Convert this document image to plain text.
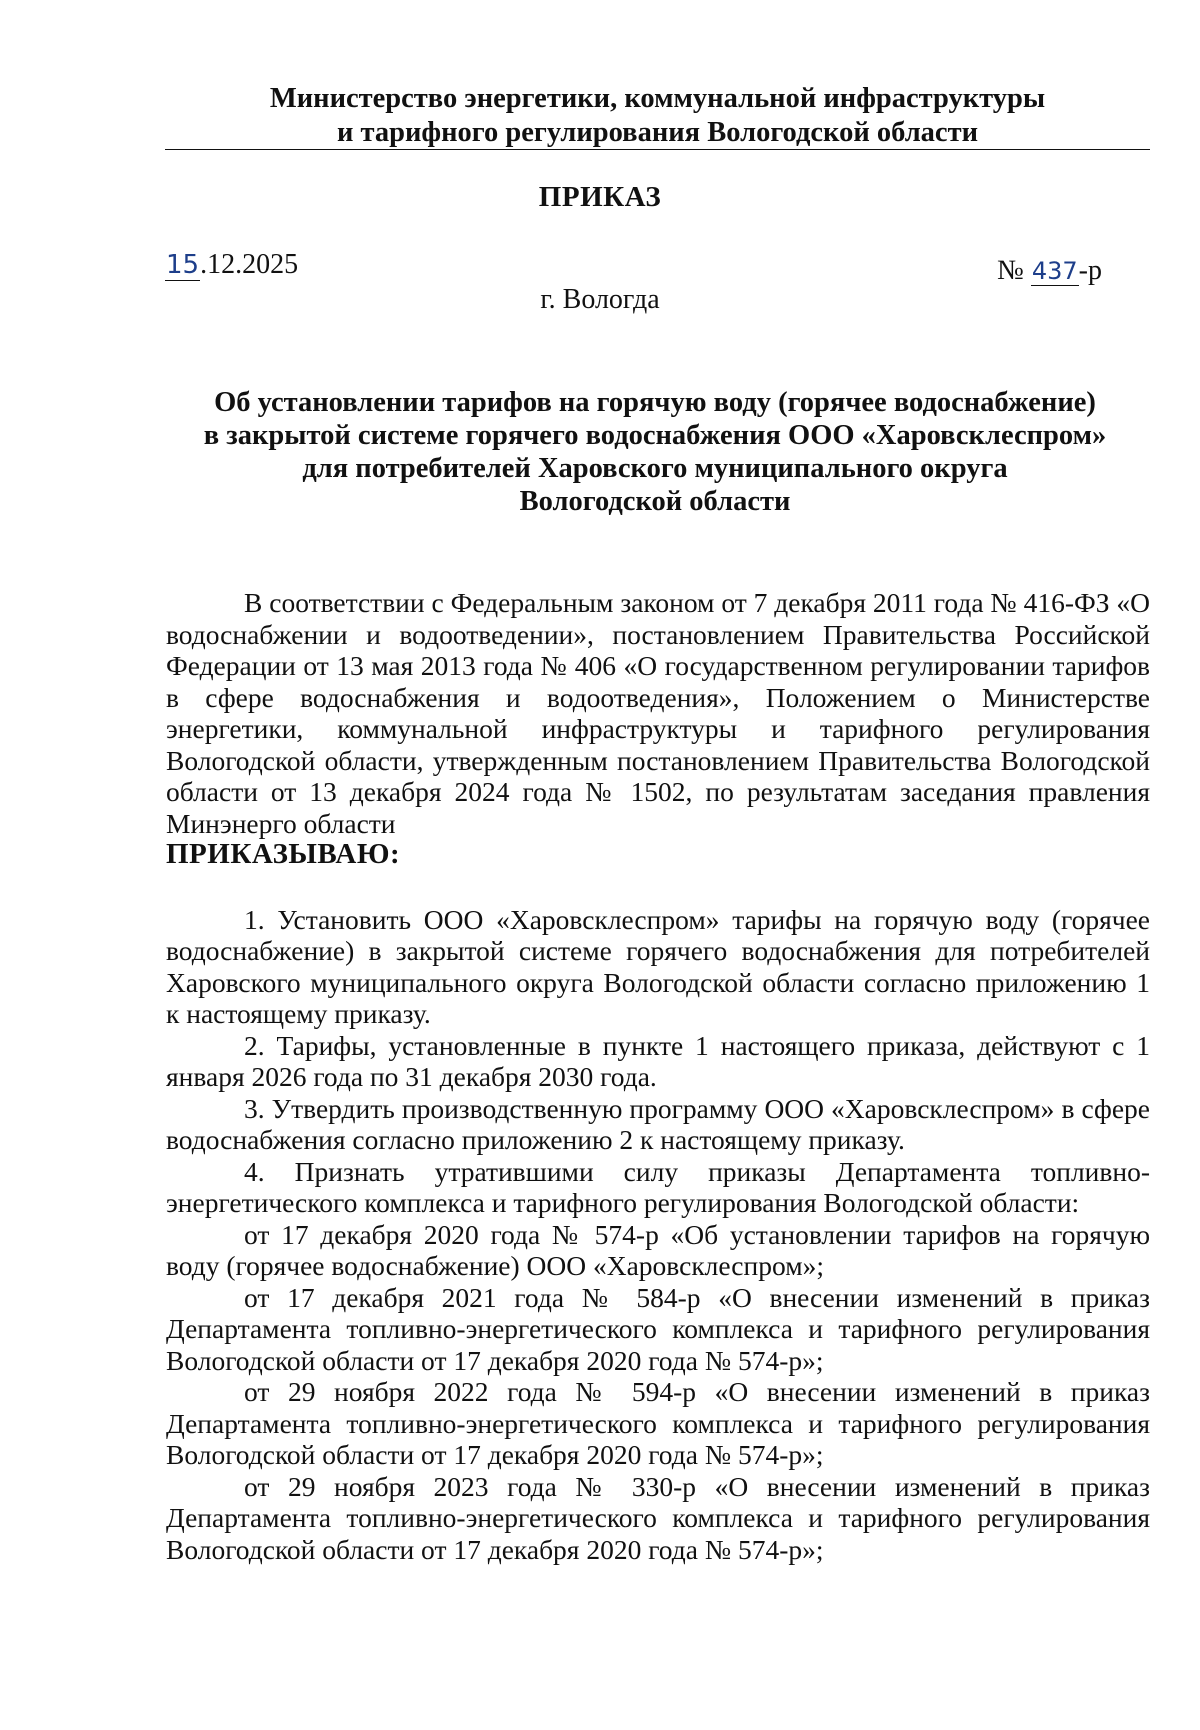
Министерство энергетики, коммунальной инфраструктуры
и тарифного регулирования Вологодской области
ПРИКАЗ
15.12.2025	№ 437-р
г. Вологда
Об установлении тарифов на горячую воду (горячее водоснабжение)
в закрытой системе горячего водоснабжения ООО «Харовсклеспром»
для потребителей Харовского муниципального округа
Вологодской области

В соответствии с Федеральным законом от 7 декабря 2011 года № 416-ФЗ «О водоснабжении и водоотведении», постановлением Правительства Российской Федерации от 13 мая 2013 года № 406 «О государственном регулировании тарифов в сфере водоснабжения и водоотведения», Положением о Министерстве энергетики, коммунальной инфраструктуры и тарифного регулирования Вологодской области, утвержденным постановлением Правительства Вологодской области от 13 декабря 2024 года № 1502, по результатам заседания правления Минэнерго области

ПРИКАЗЫВАЮ:

1. Установить ООО «Харовсклеспром» тарифы на горячую воду (горячее водоснабжение) в закрытой системе горячего водоснабжения для потребителей Харовского муниципального округа Вологодской области согласно приложению 1 к настоящему приказу.

2. Тарифы, установленные в пункте 1 настоящего приказа, действуют с 1 января 2026 года по 31 декабря 2030 года.

3. Утвердить производственную программу ООО «Харовсклеспром» в сфере водоснабжения согласно приложению 2 к настоящему приказу.

4. Признать утратившими силу приказы Департамента топливно-энергетического комплекса и тарифного регулирования Вологодской области:

от 17 декабря 2020 года № 574-р «Об установлении тарифов на горячую воду (горячее водоснабжение) ООО «Харовсклеспром»;

от 17 декабря 2021 года № 584-р «О внесении изменений в приказ Департамента топливно-энергетического комплекса и тарифного регулирования Вологодской области от 17 декабря 2020 года № 574-р»;

от 29 ноября 2022 года № 594-р «О внесении изменений в приказ Департамента топливно-энергетического комплекса и тарифного регулирования Вологодской области от 17 декабря 2020 года № 574-р»;

от 29 ноября 2023 года № 330-р «О внесении изменений в приказ Департамента топливно-энергетического комплекса и тарифного регулирования Вологодской области от 17 декабря 2020 года № 574-р»;
